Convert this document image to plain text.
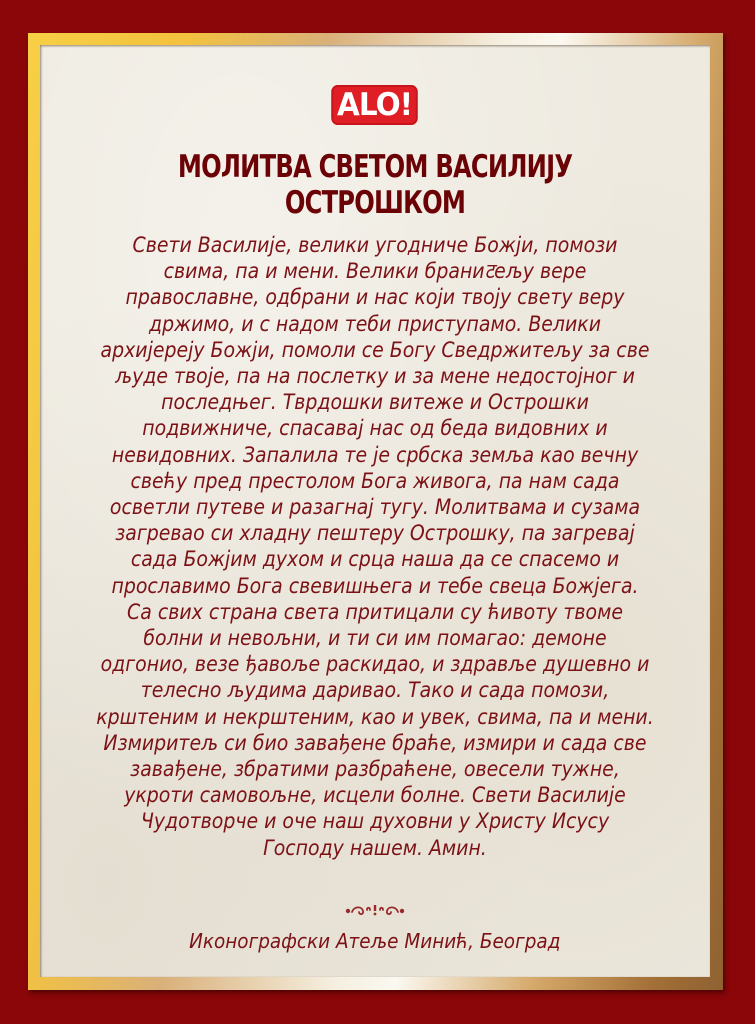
ALO!
МОЛИТВА СВЕТОМ ВАСИЛИЈУ
ОСТРОШКОМ
Свети Василије, велики угодниче Божји, помози
свима, па и мени. Велики браниटељу вере
православне, одбрани и нас који твоју свету веру
држимо, и с надом теби приступамо. Велики
архијереју Божји, помоли се Богу Сведржитељу за све
људе твоје, па на послетку и за мене недостојног и
последњег. Тврдошки витеже и Острошки
подвижниче, спасавај нас од беда видовних и
невидовних. Запалила те је србска земља као вечну
свећу пред престолом Бога живога, па нам сада
осветли путеве и разагнај тугу. Молитвама и сузама
загревао си хладну пештеру Острошку, па загревај
сада Божјим духом и срца наша да се спасемо и
прославимо Бога свевишњега и тебе свеца Божјега.
Са свих страна света притицали су ћивоту твоме
болни и невољни, и ти си им помагао: демоне
одгонио, везе ђавоље раскидао, и здравље душевно и
телесно људима даривао. Тако и сада помози,
крштеним и некрштеним, као и увек, свима, па и мени.
Измиритељ си био завађене браће, измири и сада све
завађене, збратими разбраћене, овесели тужне,
укроти самовољне, исцели болне. Свети Василије
Чудотворче и оче наш духовни у Христу Исусу
Господу нашем. Амин.
Иконографски Атеље Минић, Београд
